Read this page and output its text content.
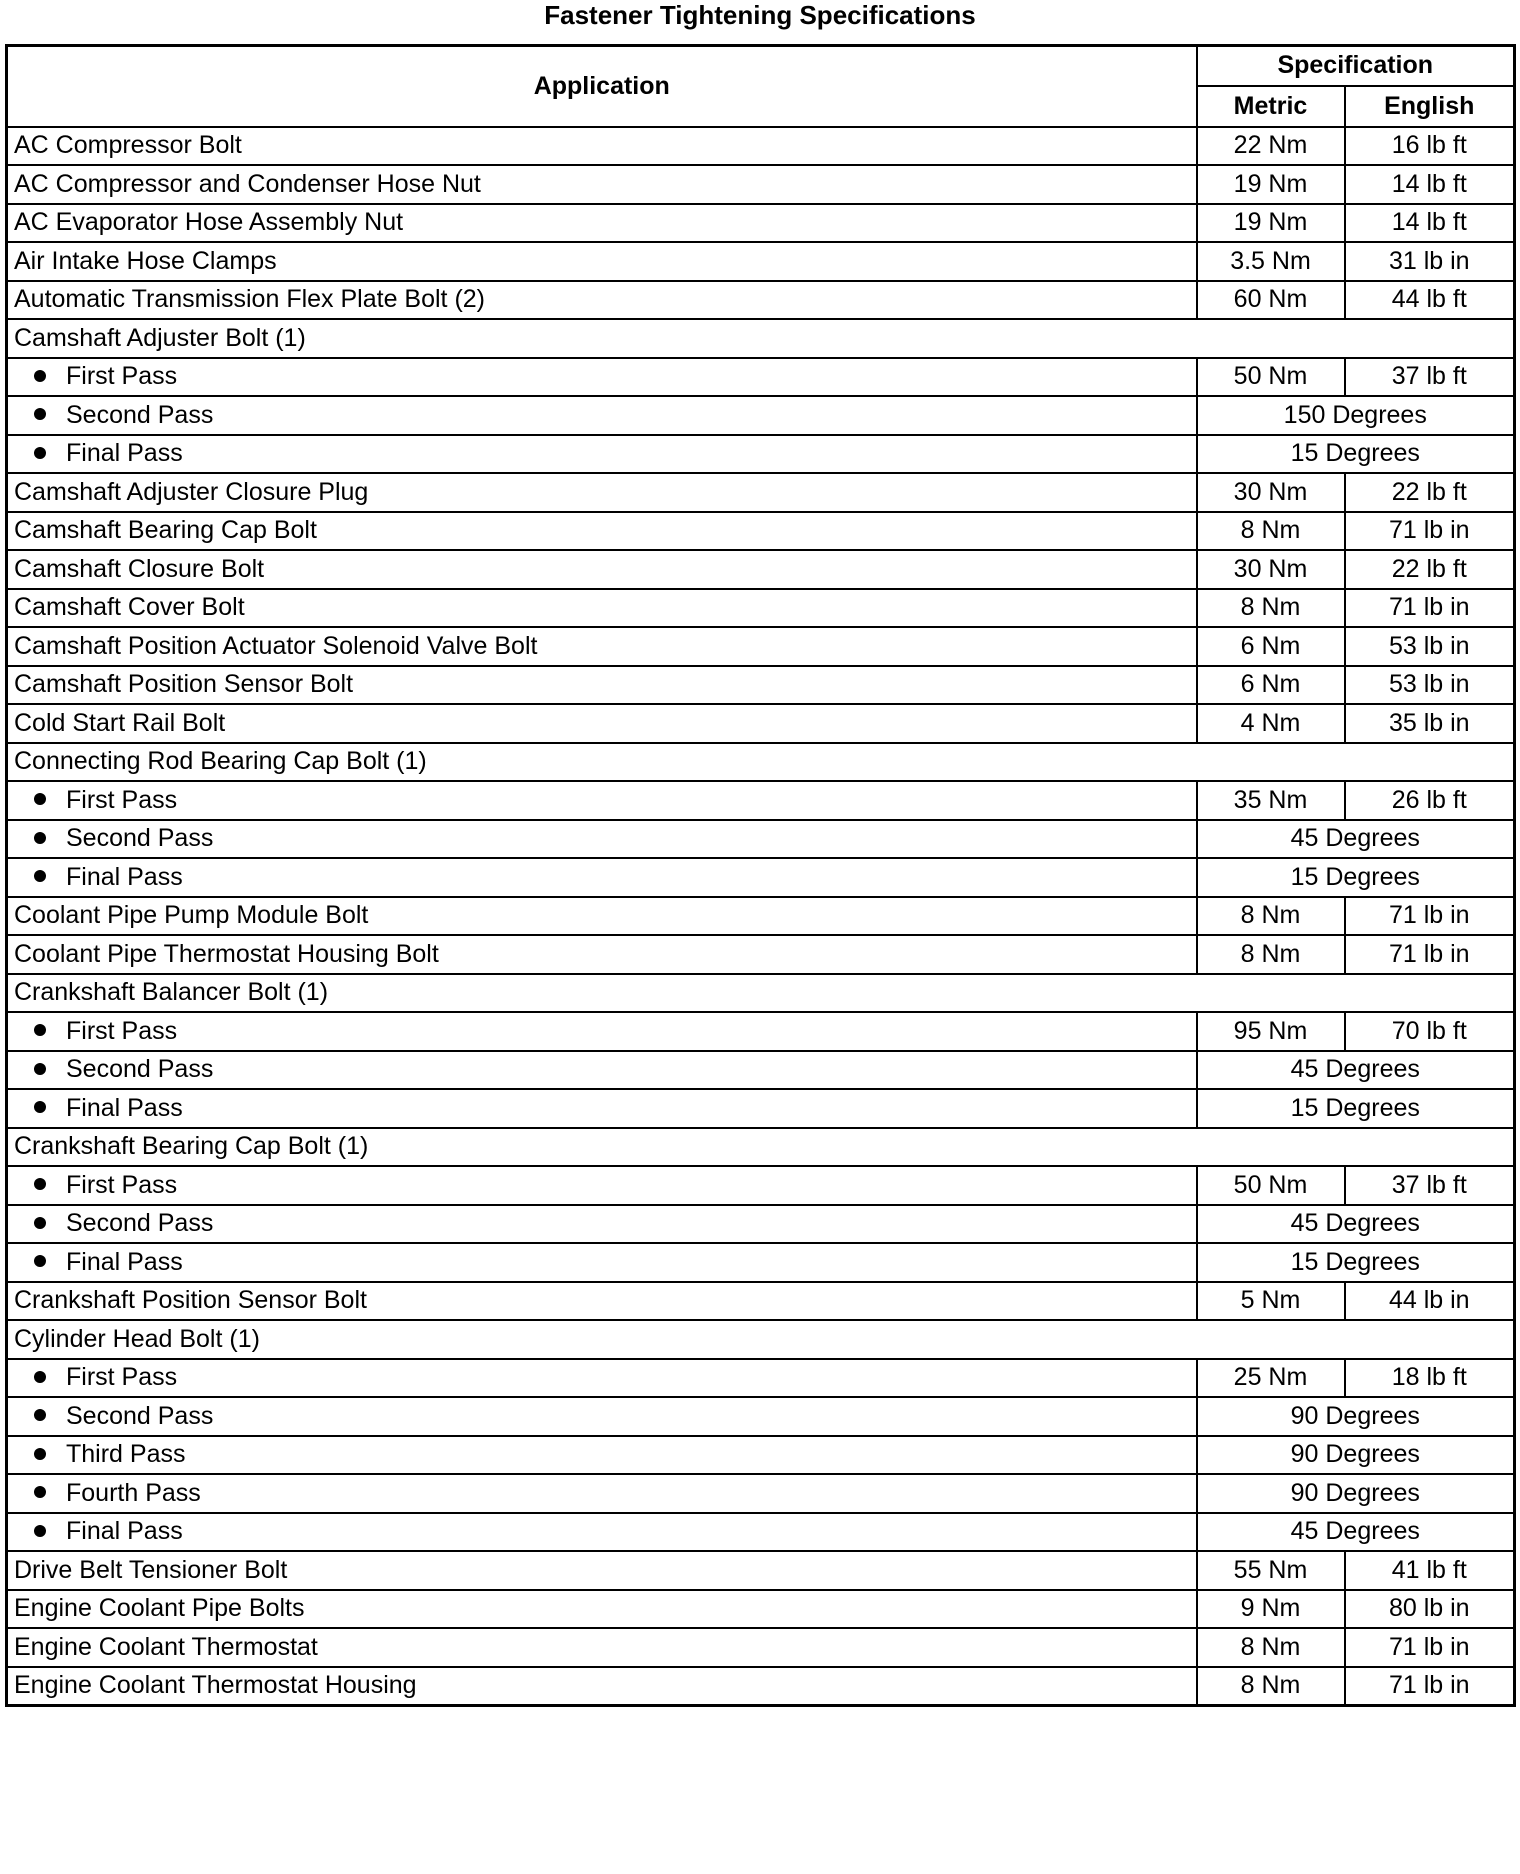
Fastener Tightening Specifications
Application	Specification	
	Metric	English
AC Compressor Bolt	22 Nm	16 lb ft
AC Compressor and Condenser Hose Nut	19 Nm	14 lb ft
AC Evaporator Hose Assembly Nut	19 Nm	14 lb ft
Air Intake Hose Clamps	3.5 Nm	31 lb in
Automatic Transmission Flex Plate Bolt (2)	60 Nm	44 lb ft
Camshaft Adjuster Bolt (1)		
First Pass	50 Nm	37 lb ft
Second Pass	150 Degrees	
Final Pass	15 Degrees	
Camshaft Adjuster Closure Plug	30 Nm	22 lb ft
Camshaft Bearing Cap Bolt	8 Nm	71 lb in
Camshaft Closure Bolt	30 Nm	22 lb ft
Camshaft Cover Bolt	8 Nm	71 lb in
Camshaft Position Actuator Solenoid Valve Bolt	6 Nm	53 lb in
Camshaft Position Sensor Bolt	6 Nm	53 lb in
Cold Start Rail Bolt	4 Nm	35 lb in
Connecting Rod Bearing Cap Bolt (1)		
First Pass	35 Nm	26 lb ft
Second Pass	45 Degrees	
Final Pass	15 Degrees	
Coolant Pipe Pump Module Bolt	8 Nm	71 lb in
Coolant Pipe Thermostat Housing Bolt	8 Nm	71 lb in
Crankshaft Balancer Bolt (1)		
First Pass	95 Nm	70 lb ft
Second Pass	45 Degrees	
Final Pass	15 Degrees	
Crankshaft Bearing Cap Bolt (1)		
First Pass	50 Nm	37 lb ft
Second Pass	45 Degrees	
Final Pass	15 Degrees	
Crankshaft Position Sensor Bolt	5 Nm	44 lb in
Cylinder Head Bolt (1)		
First Pass	25 Nm	18 lb ft
Second Pass	90 Degrees	
Third Pass	90 Degrees	
Fourth Pass	90 Degrees	
Final Pass	45 Degrees	
Drive Belt Tensioner Bolt	55 Nm	41 lb ft
Engine Coolant Pipe Bolts	9 Nm	80 lb in
Engine Coolant Thermostat	8 Nm	71 lb in
Engine Coolant Thermostat Housing	8 Nm	71 lb in
